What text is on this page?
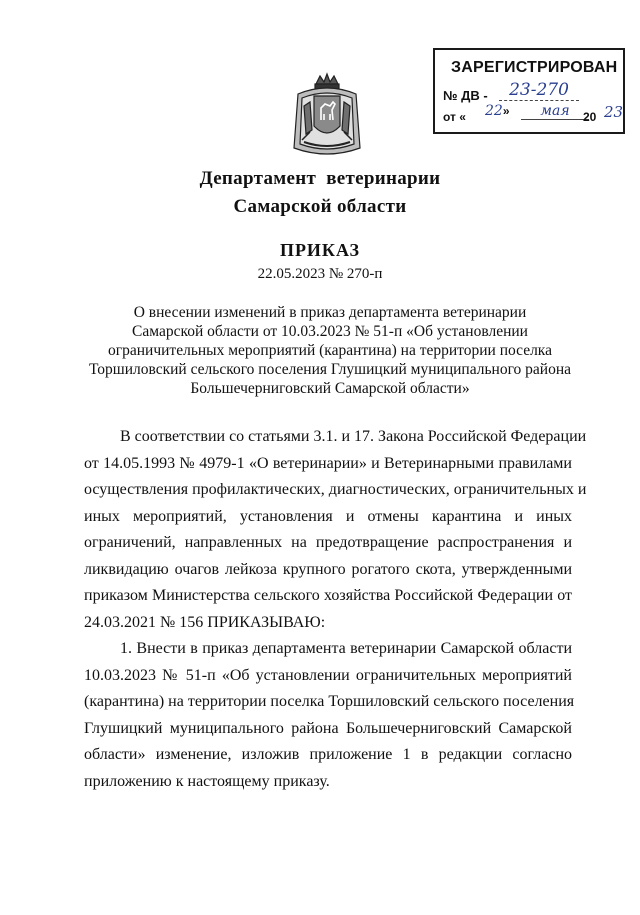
ЗАРЕГИСТРИРОВАН
№ ДВ -	23-270
от « 22»	мая	20 23
Департамент  ветеринарии
Самарской области
ПРИКАЗ
22.05.2023 № 270-п
О внесении изменений в приказ департамента ветеринарии
Самарской области от 10.03.2023 № 51-п «Об установлении
ограничительных мероприятий (карантина) на территории поселка
Торшиловский сельского поселения Глушицкий муниципального района
Большечерниговский Самарской области»
В соответствии со статьями 3.1. и 17. Закона Российской Федерации
от 14.05.1993 № 4979-1 «О ветеринарии» и Ветеринарными правилами
осуществления профилактических, диагностических, ограничительных и
иных мероприятий, установления и отмены карантина и иных
ограничений, направленных на предотвращение распространения и
ликвидацию очагов лейкоза крупного рогатого скота, утвержденными
приказом Министерства сельского хозяйства Российской Федерации от
24.03.2021 № 156 ПРИКАЗЫВАЮ:
1. Внести в приказ департамента ветеринарии Самарской области
10.03.2023 № 51-п «Об установлении ограничительных мероприятий
(карантина) на территории поселка Торшиловский сельского поселения
Глушицкий муниципального района Большечерниговский Самарской
области» изменение, изложив приложение 1 в редакции согласно
приложению к настоящему приказу.
